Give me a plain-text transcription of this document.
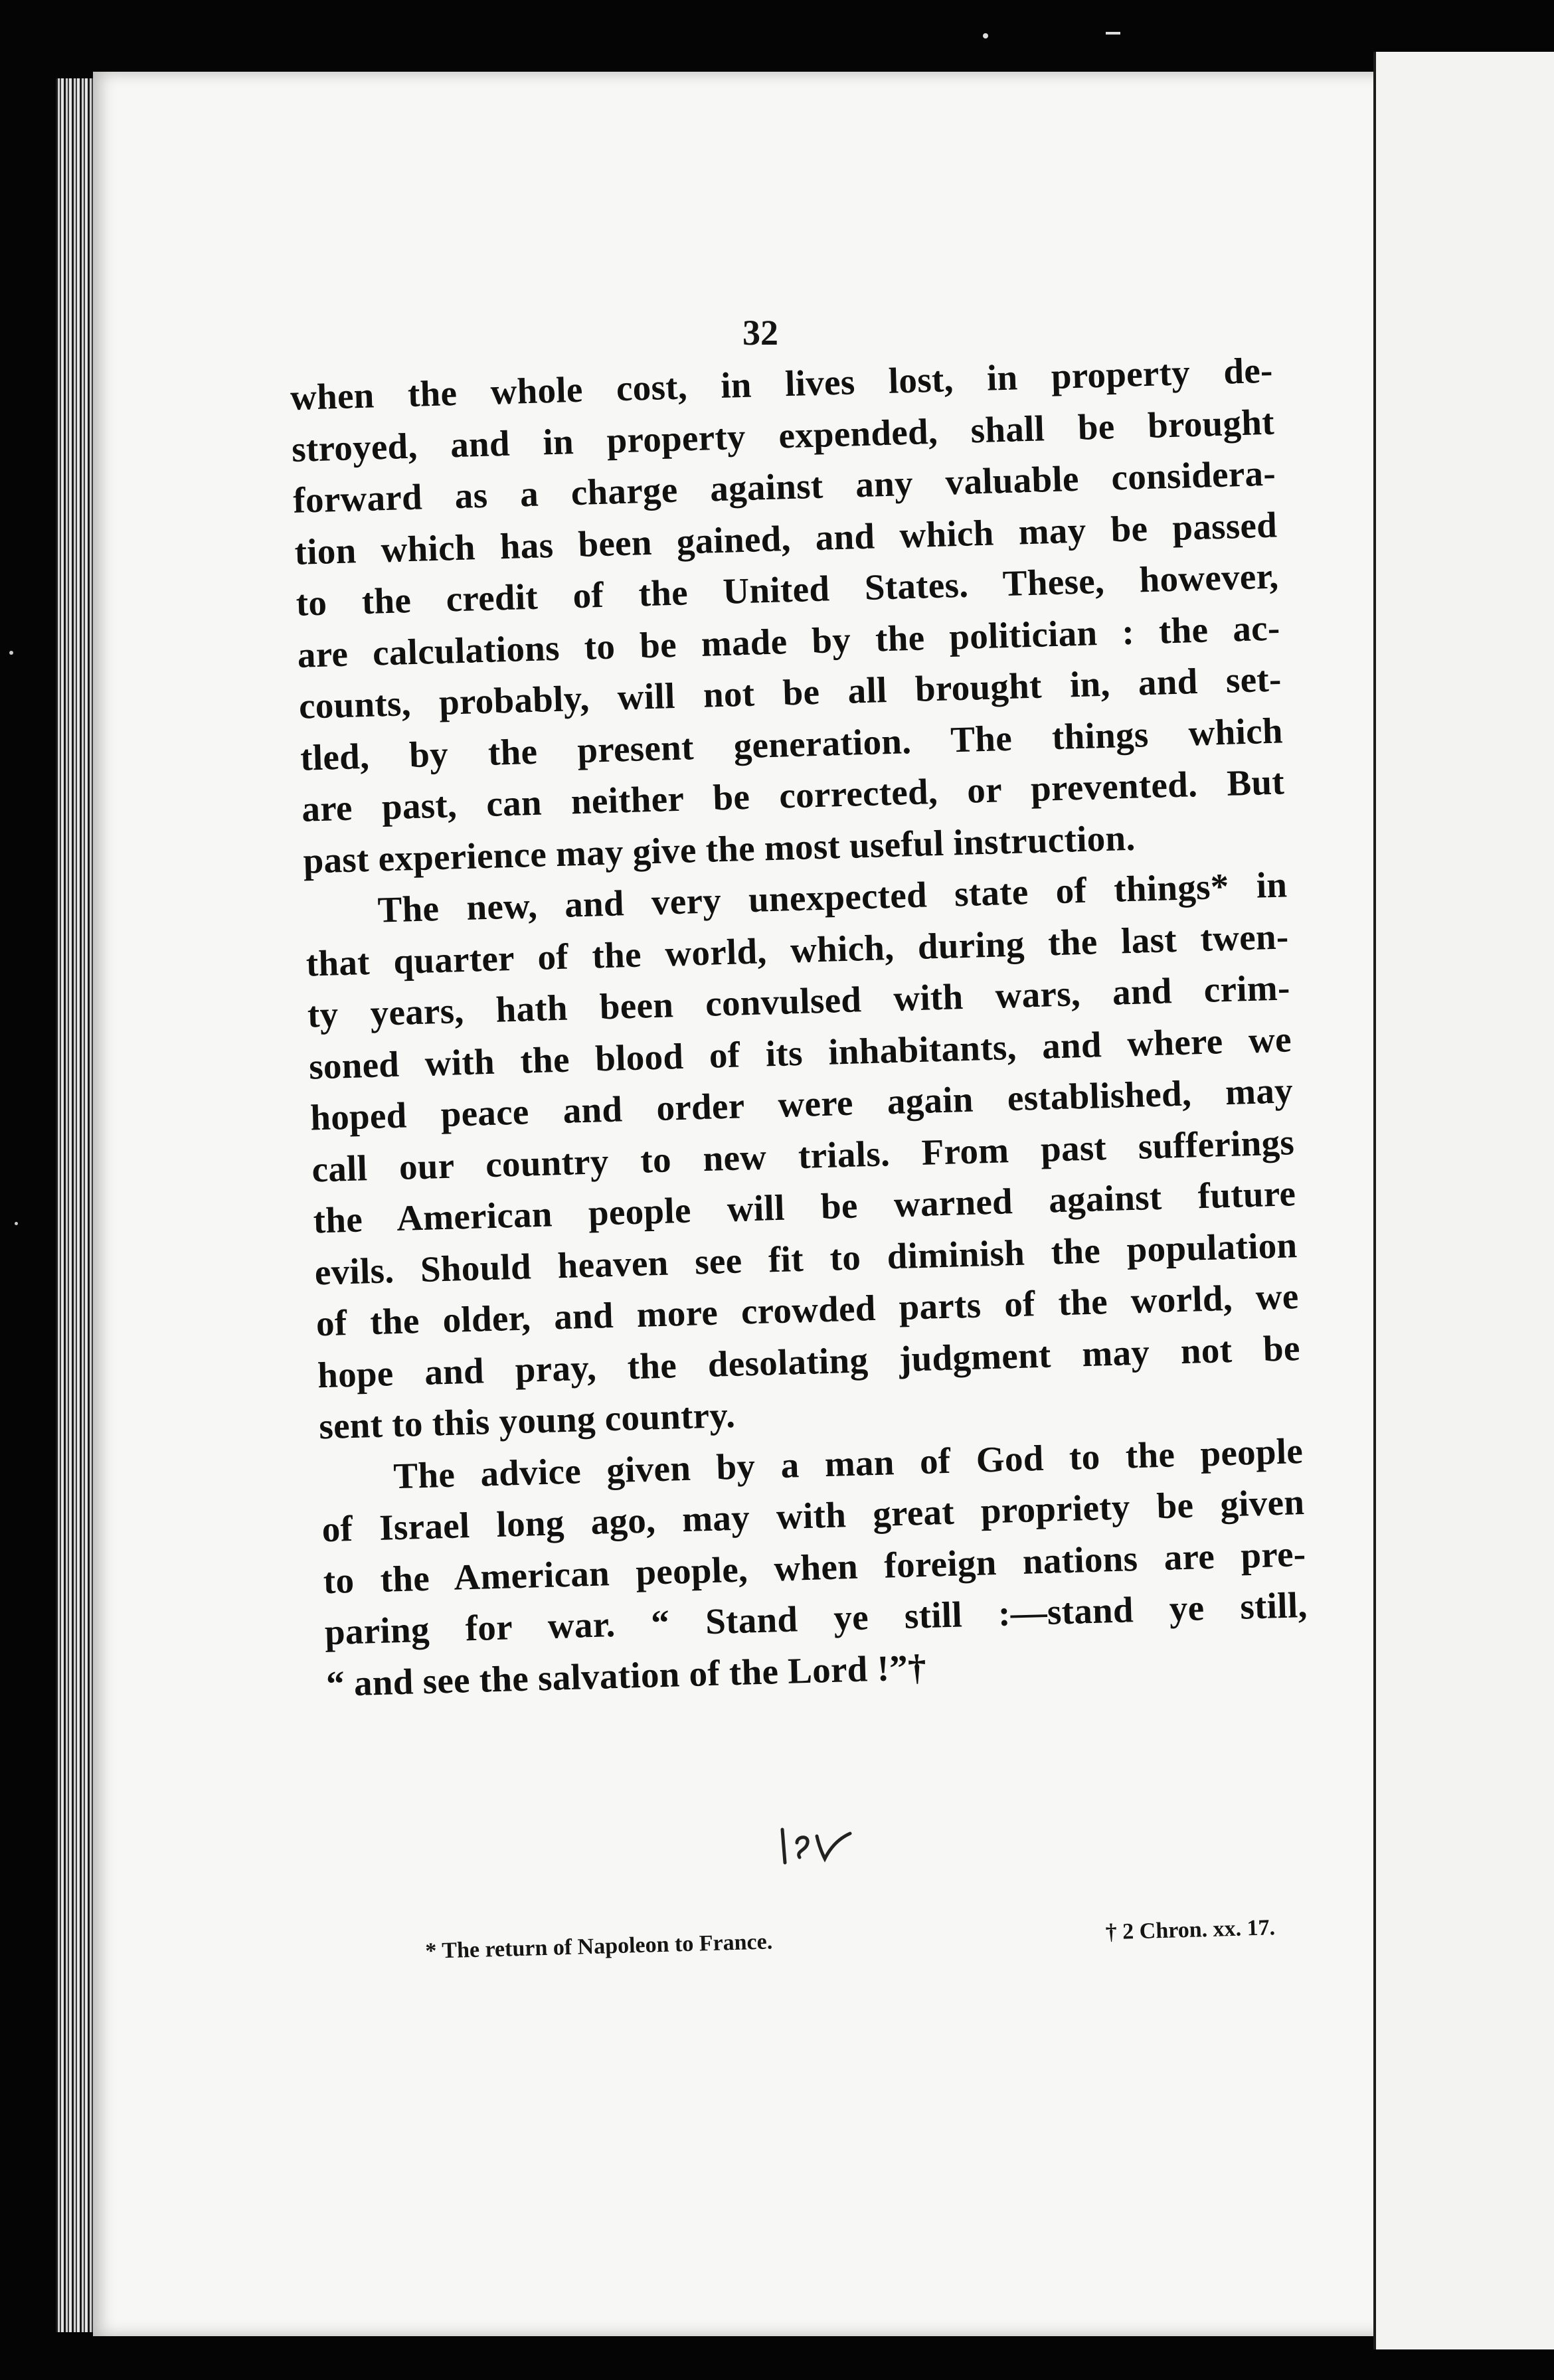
32
when the whole cost, in lives lost, in property de-
stroyed, and in property expended, shall be brought
forward as a charge against any valuable considera-
tion which has been gained, and which may be passed
to the credit of the United States. These, however,
are calculations to be made by the politician : the ac-
counts, probably, will not be all brought in, and set-
tled, by the present generation. The things which
are past, can neither be corrected, or prevented. But
past experience may give the most useful instruction.
The new, and very unexpected state of things* in
that quarter of the world, which, during the last twen-
ty years, hath been convulsed with wars, and crim-
soned with the blood of its inhabitants, and where we
hoped peace and order were again established, may
call our country to new trials. From past sufferings
the American people will be warned against future
evils. Should heaven see fit to diminish the population
of the older, and more crowded parts of the world, we
hope and pray, the desolating judgment may not be
sent to this young country.
The advice given by a man of God to the people
of Israel long ago, may with great propriety be given
to the American people, when foreign nations are pre-
paring for war. “ Stand ye still :—stand ye still,
“ and see the salvation of the Lord !”†
* The return of Napoleon to France.	† 2 Chron. xx. 17.
